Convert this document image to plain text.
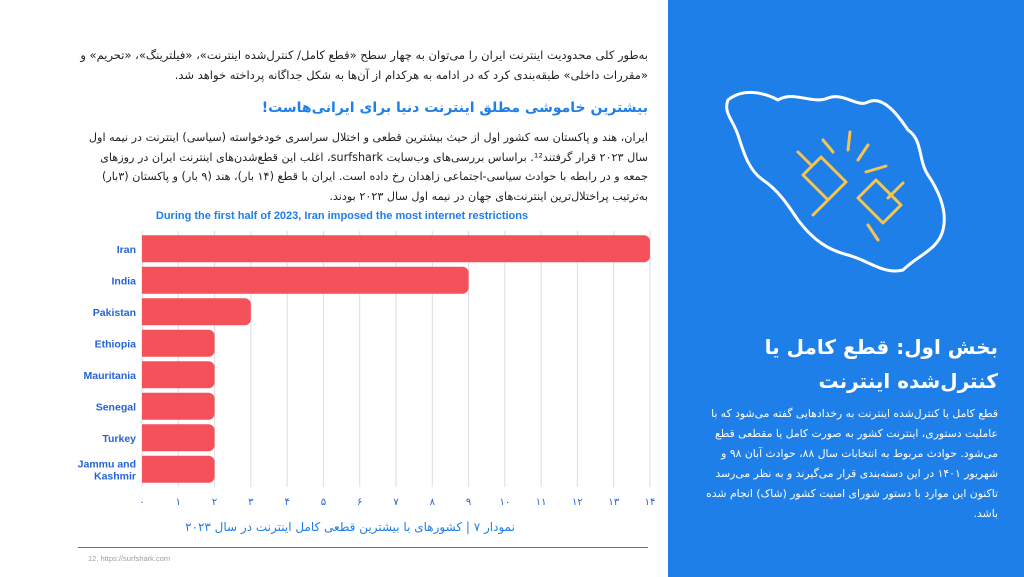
به‌طور کلی محدودیت اینترنت ایران را می‌توان به چهار سطح «قطع کامل/ کنترل‌شده اینترنت»، «فیلترینگ»، «تحریم» و «مقررات داخلی» طبقه‌بندی کرد که در ادامه به هرکدام از آن‌ها به شکل جداگانه پرداخته خواهد شد.

بیشترین خاموشی مطلق اینترنت دنیا برای ایرانی‌هاست!

ایران، هند و پاکستان سه کشور اول از حیث بیشترین قطعی و اختلال سراسری خودخواسته (سیاسی) اینترنت در نیمه اول سال ۲۰۲۳ قرار گرفتند¹². براساس بررسی‌های وب‌سایت surfshark، اغلب این قطع‌شدن‌های اینترنت ایران در روزهای جمعه و در رابطه با حوادث سیاسی-اجتماعی زاهدان رخ داده است. ایران با قطع (۱۴ بار)، هند (۹ بار) و پاکستان (۳بار) به‌ترتیب پراختلال‌ترین اینترنت‌های جهان در نیمه اول سال ۲۰۲۳ بودند.

۰	۱	۲	۳	۴	۵	۶	۷	۸	۹	۱۰	۱۱	۱۲	۱۳	۱۴
Iran
India
Pakistan
Ethiopia
Mauritania
Senegal
Turkey
Jammu and Kashmir
During the first half of 2023, Iran imposed the most internet restrictions
نمودار ۷ | کشورهای با بیشترین قطعی کامل اینترنت در سال ۲۰۲۳
12. https://surfshark.com
بخش اول: قطع کامل یا
کنترل‌شده اینترنت

قطع کامل یا کنترل‌شده اینترنت به رخدادهایی گفته می‌شود که با عاملیت دستوری، اینترنت کشور به صورت کامل یا مقطعی قطع می‌شود. حوادث مربوط به انتخابات سال ۸۸، حوادث آبان ۹۸ و شهریور ۱۴۰۱ در این دسته‌بندی قرار می‌گیرند و به نظر می‌رسد تاکنون این موارد با دستور شورای امنیت کشور (شاک) انجام شده باشد.
